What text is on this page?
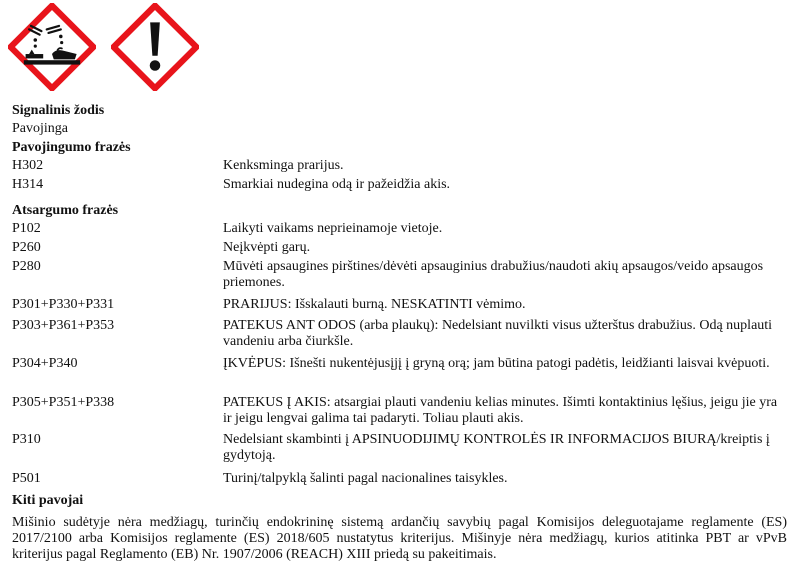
Signalinis žodis
Pavojinga
Pavojingumo frazės
H302	Kenksminga prarijus.
H314	Smarkiai nudegina odą ir pažeidžia akis.
Atsargumo frazės
P102	Laikyti vaikams neprieinamoje vietoje.
P260	Neįkvėpti garų.
P280	Mūvėti apsaugines pirštines/dėvėti apsauginius drabužius/naudoti akių apsaugos/veido apsaugos priemones.
P301+P330+P331	PRARIJUS: Išskalauti burną. NESKATINTI vėmimo.
P303+P361+P353	PATEKUS ANT ODOS (arba plaukų): Nedelsiant nuvilkti visus užterštus drabužius. Odą nuplauti vandeniu arba čiurkšle.
P304+P340	ĮKVĖPUS: Išnešti nukentėjusįjį į gryną orą; jam būtina patogi padėtis, leidžianti laisvai kvėpuoti.
P305+P351+P338	PATEKUS Į AKIS: atsargiai plauti vandeniu kelias minutes. Išimti kontaktinius lęšius, jeigu jie yra ir jeigu lengvai galima tai padaryti. Toliau plauti akis.
P310	Nedelsiant skambinti į APSINUODIJIMŲ KONTROLĖS IR INFORMACIJOS BIURĄ/kreiptis į gydytoją.
P501	Turinį/talpyklą šalinti pagal nacionalines taisykles.
Kiti pavojai
Mišinio sudėtyje nėra medžiagų, turinčių endokrininę sistemą ardančių savybių pagal Komisijos deleguotajame reglamente (ES) 2017/2100 arba Komisijos reglamente (ES) 2018/605 nustatytus kriterijus. Mišinyje nėra medžiagų, kurios atitinka PBT ar vPvB kriterijus pagal Reglamento (EB) Nr. 1907/2006 (REACH) XIII priedą su pakeitimais.
